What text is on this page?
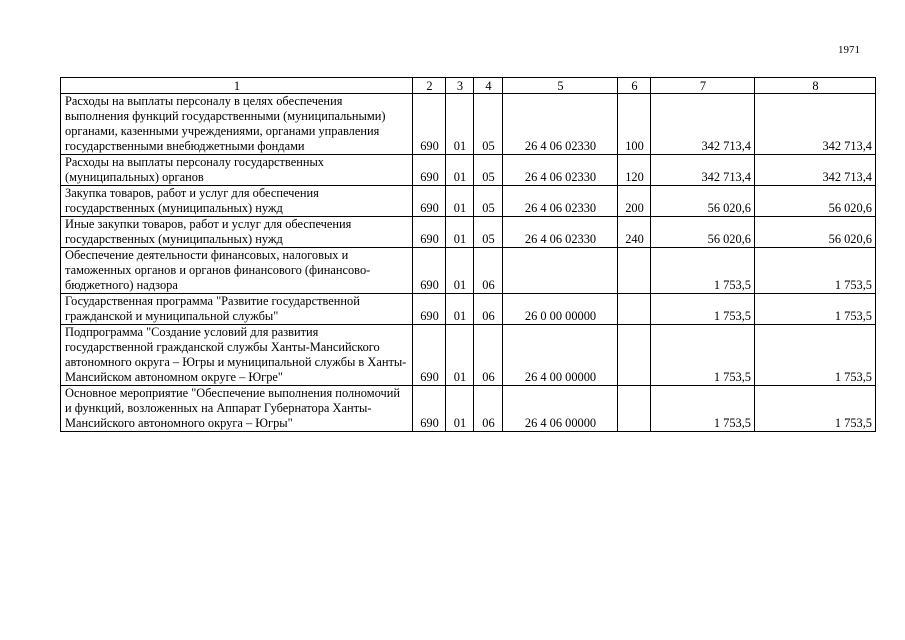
1971
1	2	3	4	5	6	7	8
Расходы на выплаты персоналу в целях обеспечения выполнения функций государственными (муниципальными) органами, казенными учреждениями, органами управления государственными внебюджетными фондами	690	01	05	26 4 06 02330	100	342 713,4	342 713,4
Расходы на выплаты персоналу государственных (муниципальных) органов	690	01	05	26 4 06 02330	120	342 713,4	342 713,4
Закупка товаров, работ и услуг для обеспечения государственных (муниципальных) нужд	690	01	05	26 4 06 02330	200	56 020,6	56 020,6
Иные закупки товаров, работ и услуг для обеспечения государственных (муниципальных) нужд	690	01	05	26 4 06 02330	240	56 020,6	56 020,6
Обеспечение деятельности финансовых, налоговых и таможенных органов и органов финансового (финансово-бюджетного) надзора	690	01	06			1 753,5	1 753,5
Государственная программа "Развитие государственной гражданской и муниципальной службы"	690	01	06	26 0 00 00000		1 753,5	1 753,5
Подпрограмма "Создание условий для развития государственной гражданской службы Ханты-Мансийского автономного округа – Югры и муниципальной службы в Ханты-Мансийском автономном округе – Югре"	690	01	06	26 4 00 00000		1 753,5	1 753,5
Основное мероприятие "Обеспечение выполнения полномочий и функций, возложенных на Аппарат Губернатора Ханты-Мансийского автономного округа – Югры"	690	01	06	26 4 06 00000		1 753,5	1 753,5
